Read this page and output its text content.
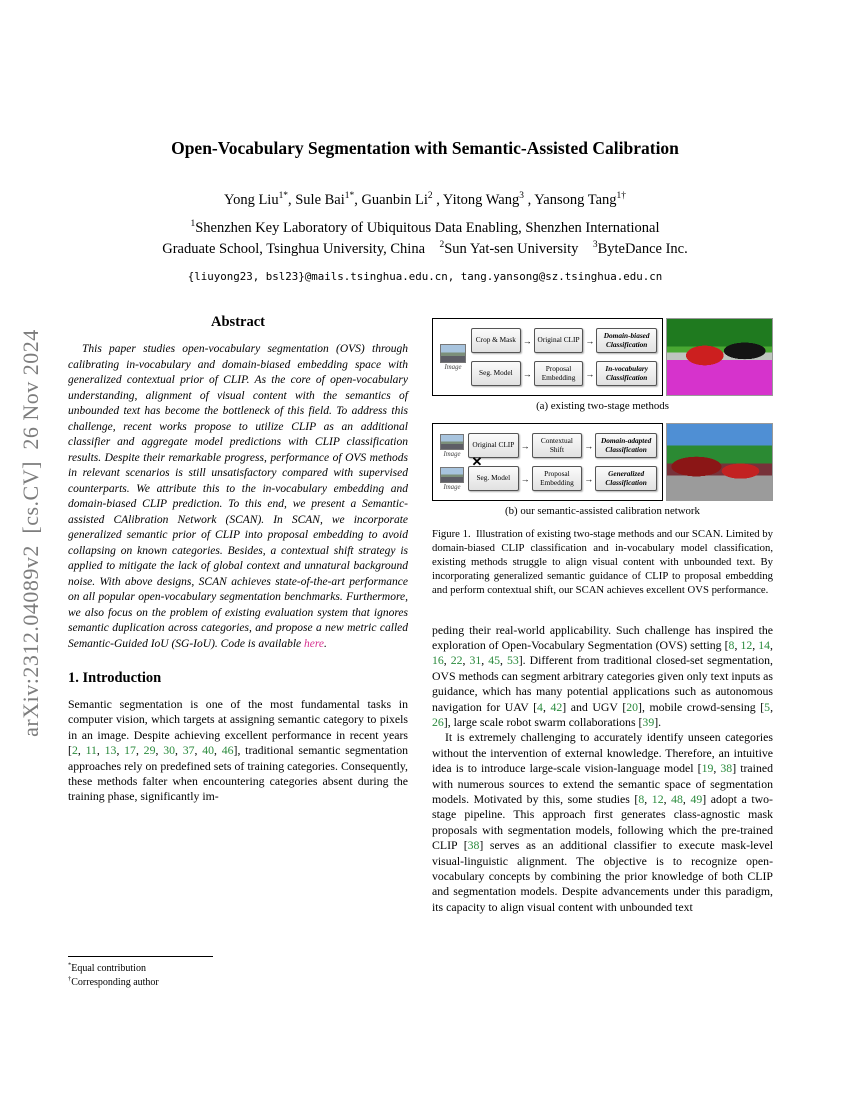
arXiv:2312.04089v2 [cs.CV] 26 Nov 2024
Open-Vocabulary Segmentation with Semantic-Assisted Calibration
Yong Liu$^{1*}$, Sule Bai$^{1*}$, Guanbin Li$^2$ , Yitong Wang$^3$ , Yansong Tang$^{1\dagger}$
$^1$Shenzhen Key Laboratory of Ubiquitous Data Enabling, Shenzhen International
Graduate School, Tsinghua University, China  $^2$Sun Yat-sen University  $^3$ByteDance Inc.
{liuyong23, bsl23}@mails.tsinghua.edu.cn, tang.yansong@sz.tsinghua.edu.cn
Abstract

This paper studies open-vocabulary segmentation (OVS) through calibrating in-vocabulary and domain-biased embedding space with generalized contextual prior of CLIP. As the core of open-vocabulary understanding, alignment of visual content with the semantics of unbounded text has become the bottleneck of this field. To address this challenge, recent works propose to utilize CLIP as an additional classifier and aggregate model predictions with CLIP classification results. Despite their remarkable progress, performance of OVS methods in relevant scenarios is still unsatisfactory compared with supervised counterparts. We attribute this to the in-vocabulary embedding and domain-biased CLIP prediction. To this end, we present a Semantic-assisted CAlibration Network (SCAN). In SCAN, we incorporate generalized semantic prior of CLIP into proposal embedding to avoid collapsing on known categories. Besides, a contextual shift strategy is applied to mitigate the lack of global context and unnatural background noise. With above designs, SCAN achieves state-of-the-art performance on all popular open-vocabulary segmentation benchmarks. Furthermore, we also focus on the problem of existing evaluation system that ignores semantic duplication across categories, and propose a new metric called Semantic-Guided IoU (SG-IoU). Code is available here.

1. Introduction

Semantic segmentation is one of the most fundamental tasks in computer vision, which targets at assigning semantic category to pixels in an image. Despite achieving excellent performance in recent years [2, 11, 13, 17, 29, 30, 37, 40, 46], traditional semantic segmentation approaches rely on predefined sets of training categories. Consequently, these methods falter when encountering categories absent during the training phase, significantly im-

*Equal contribution
†Corresponding author
Image
Crop & Mask → Original CLIP →	Domain-biased Classification
Seg. Model	→	Proposal Embedding	→	In-vocabulary Classification
(a) existing two-stage methods
Image
Original CLIP →	Contextual Shift	→	Domain-adapted Classification
Image
Seg. Model	→	Proposal Embedding	→	Generalized Classification
✕
(b) our semantic-assisted calibration network
Figure 1. Illustration of existing two-stage methods and our SCAN. Limited by domain-biased CLIP classification and in-vocabulary model classification, existing methods struggle to align visual content with unbounded text. By incorporating generalized semantic guidance of CLIP to proposal embedding and perform contextual shift, our SCAN achieves excellent OVS performance.

peding their real-world applicability. Such challenge has inspired the exploration of Open-Vocabulary Segmentation (OVS) setting [8, 12, 14, 16, 22, 31, 45, 53]. Different from traditional closed-set segmentation, OVS methods can segment arbitrary categories given only text inputs as guidance, which has many potential applications such as autonomous navigation for UAV [4, 42] and UGV [20], mobile crowd-sensing [5, 26], large scale robot swarm collaborations [39].

It is extremely challenging to accurately identify unseen categories without the intervention of external knowledge. Therefore, an intuitive idea is to introduce large-scale vision-language model [19, 38] trained with numerous sources to extend the semantic space of segmentation models. Motivated by this, some studies [8, 12, 48, 49] adopt a two-stage pipeline. This approach first generates class-agnostic mask proposals with segmentation models, following which the pre-trained CLIP [38] serves as an additional classifier to execute mask-level visual-linguistic alignment. The objective is to recognize open-vocabulary concepts by combining the prior knowledge of both CLIP and segmentation models. Despite advancements under this paradigm, its capacity to align visual content with unbounded text
